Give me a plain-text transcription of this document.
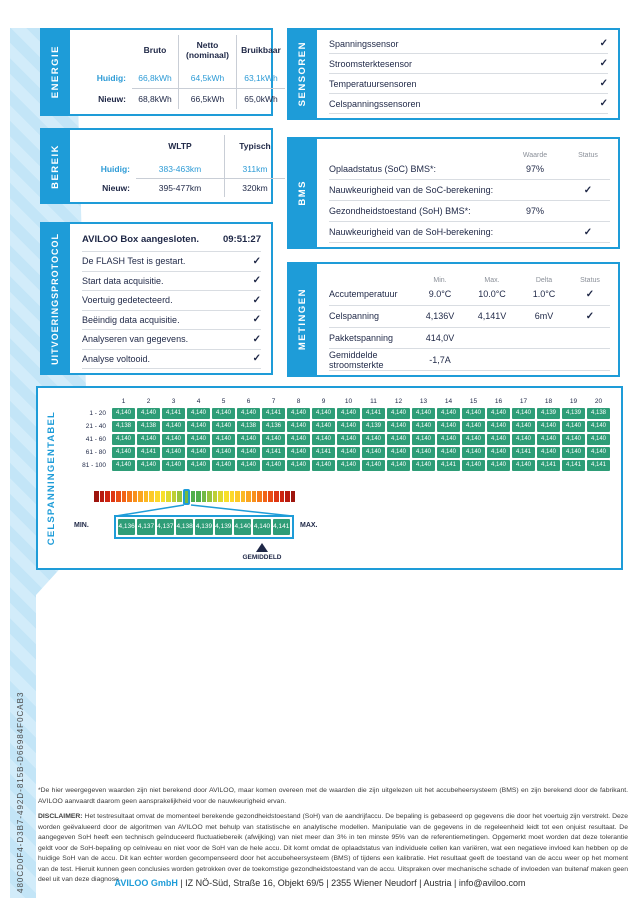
480CD0F4-D3B7-492D-815B-D66984F0CAB3
Bruto	Netto (nominaal)	Bruikbaar
Huidig:	66,8kWh	64,5kWh	63,1kWh
Nieuw:	68,8kWh	66,5kWh	65,0kWh
ENERGIE
WLTP	Typisch
Huidig:	383-463km	311km
Nieuw:	395-477km	320km
BEREIK
AVILOO Box aangesloten.	09:51:27
De FLASH Test is gestart.	✓
Start data acquisitie.	✓
Voertuig gedetecteerd.	✓
Beëindig data acquisitie.	✓
Analyseren van gegevens.	✓
Analyse voltooid.	✓
UITVOERINGSPROTOCOL
Spanningssensor	✓
Stroomsterktesensor	✓
Temperatuursensoren	✓
Celspanningssensoren	✓
SENSOREN
Waarde	Status
Oplaadstatus (SoC) BMS*:	97%
Nauwkeurigheid van de SoC-berekening:	✓
Gezondheidstoestand (SoH) BMS*:	97%
Nauwkeurigheid van de SoH-berekening:	✓
BMS
Min.	Max.	Delta	Status
Accutemperatuur	9.0°C	10.0°C	1.0°C	✓
Celspanning	4,136V	4,141V	6mV	✓
Pakketspanning	414,0V
Gemiddelde stroomsterkte	-1,7A
METINGEN
CELSPANNINGENTABEL
1	2	3	4	5	6	7	8	9	10	11	12	13	14	15	16	17	18	19	20
1 - 20	4,140	4,140	4,141	4,140	4,140	4,140	4,141	4,140	4,140	4,140	4,141	4,140	4,140	4,140	4,140	4,140	4,140	4,139	4,139	4,138
21 - 40	4,138	4,138	4,140	4,140	4,140	4,138	4,136	4,140	4,140	4,140	4,139	4,140	4,140	4,140	4,140	4,140	4,140	4,140	4,140	4,140
41 - 60	4,140	4,140	4,140	4,140	4,140	4,140	4,140	4,140	4,140	4,140	4,140	4,140	4,140	4,140	4,140	4,140	4,140	4,140	4,140	4,140
61 - 80	4,140	4,141	4,140	4,140	4,140	4,140	4,141	4,140	4,141	4,140	4,140	4,140	4,140	4,140	4,140	4,140	4,141	4,140	4,140	4,140
81 - 100	4,140	4,140	4,140	4,140	4,140	4,140	4,140	4,140	4,140	4,140	4,140	4,140	4,140	4,141	4,140	4,140	4,140	4,141	4,141	4,141
MIN.	4,136 4,137 4,137 4,138 4,139 4,139 4,140 4,140 4,141 MAX.
GEMIDDELD
*De hier weergegeven waarden zijn niet berekend door AVILOO, maar komen overeen met de waarden die zijn uitgelezen uit het accubeheersysteem (BMS) en zijn berekend door de fabrikant. AVILOO aanvaardt daarom geen aansprakelijkheid voor de nauwkeurigheid ervan.
DISCLAIMER: Het testresultaat omvat de momenteel berekende gezondheidstoestand (SoH) van de aandrijfaccu. De bepaling is gebaseerd op gegevens die door het voertuig zijn verstrekt. Deze worden geëvalueerd door de algoritmen van AVILOO met behulp van statistische en analytische modellen. Manipulatie van de gegevens in de regeleenheid leidt tot een onjuist resultaat. De aangegeven SoH heeft een technisch geïnduceerd fluctuatiebereik (afwijking) van niet meer dan 3% in ten minste 95% van de referentiemetingen. Opgemerkt moet worden dat deze tolerantie geldt voor de SoH-bepaling op celniveau en niet voor de SoH van de hele accu. Dit komt omdat de oplaadstatus van individuele cellen kan variëren, wat een negatieve invloed kan hebben op de huidige SoH van de accu. Dit kan echter worden gecompenseerd door het accubeheersysteem (BMS) of tijdens een kalibratie. Het resultaat geeft de toestand van de accu weer op het moment van de test. Hieruit kunnen geen conclusies worden getrokken over de toekomstige gezondheidstoestand van de accu. Uitspraken over mechanische schade of invloeden van buitenaf maken geen deel uit van deze diagnose.
AVILOO GmbH | IZ NÖ-Süd, Straße 16, Objekt 69/5 | 2355 Wiener Neudorf | Austria | info@aviloo.com
